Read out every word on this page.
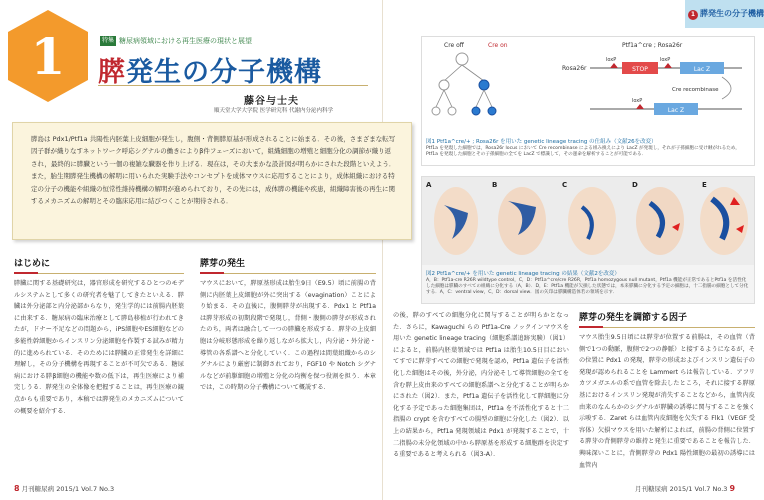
1	特集 糖尿病領域における再生医療の現状と展望
膵発生の分子機構
藤谷与士夫
順天堂大学大学院 医学研究科 代謝内分泌内科学
膵島は Pdx1/Ptf1a 共陽性内胚葉上皮細胞が発生し，腹側・背側膵原基が形成されることに始まる．その後，さまざまな転写因子群が織りなすネットワーク呼応シグナルの働きによりβ件フェーズにおいて，組織細胞の増殖と細胞分化の調節が織り返され，最終的に膵臓という一個の複雑な臓器を作り上げる．現在は，その大まかな設計図が明らかにされた段階といえよう．また，胎生期膵発生機構の解明に用いられた実験手法やコンセプトを成体マウスに応用することにより，成体組織における特定の分子の機能や組織の恒常性維持機構の解明が進められており，その先には，成体膵の機能や疾患，組織障害後の再生に関するメカニズムの解明とその臨床応用に結びつくことが期待される．
はじめに
膵臓に関する基礎研究は，器官形成を研究するひとつのモデルシステムとして多くの研究者を魅了してきたといえる．膵臓は外分泌部と内分泌部からなり，発生学的には前腸内胚葉に由来する．糖尿病の臨床治療として膵島移植が行われてきたが，ドナー不足などの問題から，iPS細胞やES細胞などの多能性幹細胞からインスリン分泌細胞を作製する試みが精力的に進められている．そのためには膵臓の正常発生を詳細に理解し，その分子機構を再現することが不可欠である．糖尿病における膵β細胞の機能や数の低下は，再生医療により補完しうる．膵発生の全体像を把握することは，再生医療の観点からも重要であり，本稿では膵発生のメカニズムについての概要を紹介する．
膵芽の発生
マウスにおいて，膵原基形成は胎生9日（E9.5）頃に前腸の背側に内胚葉上皮細胞が外に突出する（evagination）ことにより始まる．その直後に，腹側膵芽が出現する．Pdx1 と Ptf1a は膵芽形成の初期段階で発現し，背側・腹側の膵芽が形成されたのち，両者は融合して一つの膵臓を形成する．膵芽の上皮細胞は分岐形態形成を繰り返しながら拡大し，内分泌・外分泌・導管の各系譜へと分化していく．この過程は間葉組織からのシグナルにより厳密に制御されており，FGF10 や Notch シグナルなどが前駆細胞の増殖と分化の均衡を保つ役割を担う．本章では，この時期の分子機構について概説する．
8 月刊糖尿病 2015/1 Vol.7 No.3
1 膵発生の分子機構
Cre off	Cre on	Ptf1a^cre ; Rosa26r
Rosa26r
loxP
STOP
loxP
Lac Z
Cre recombinase
loxP
Lac Z
図1 Ptf1a^cre/+ ; Rosa26r を用いた genetic lineage tracing の仕組み（文献26を改変）
Ptf1a を発現した細胞では，Rosa26r locus において Cre recombinase による組み換えにより LacZ が発現し，それが子孫細胞に受け継がれるため，Ptf1a を発現した細胞とその子孫細胞の全てを LacZ で標識して，その運命を解析することが可能である．
A	B	C	D	E
図2 Ptf1a^cre/+ を用いた genetic lineage tracing の結果（文献2を改変）
A，B：Ptf1a-cre R26R wildtype control，C，D：Ptf1a^cre/cre R26R，Ptf1a homozygous null mutant，Ptf1a 機能が正常であるとPtf1a を活性化した細胞は膵臓のすべての組織に分化する（A，B）．D，E：Ptf1a 機能が欠損した状態では，本来膵臓に分化する予定の細胞は，十二指腸の細胞として分化する．A，C：ventral view，C，D：dorsal view．図の矢印は膵臓構造体若の領域を示す．
の後，膵のすべての細胞分化に関与することが明らかとなった．さらに，Kawaguchi らの Ptf1a-Cre ノックインマウスを用いた genetic lineage tracing（細胞系譜追跡実験）（図1）によると，前腸内胚葉領域では Ptf1a は胎生10.5日目においてすでに膵芽すべての細胞で発現を認め，Ptf1a 遺伝子を活性化した細胞はその後，外分泌，内分泌そして導管細胞の全てを含む膵上皮由来のすべての細胞系譜へと分化することが明らかにされた（図2）．また，Ptf1a 遺伝子を活性化して膵細胞に分化する予定であった細胞集団は，Ptf1a を不活性化すると十二指腸の crypt を含むすべての腸型の細胞に分化した（図2）．以上の結果から，Ptf1a 発現領域は Pdx1 が発現することで，十二指腸の未分化領域の中から膵原基を形成する細胞群を決定する重要であると考えられる（図3-A）．
膵芽の発生を調節する因子
マウス胎生9.5日頃には膵芽が位置する前腸は，その血管（背側で1つの動脈，腹側で2つの静脈）と接するようになるが，その位置に Pdx1 の発現，膵芽の形成およびインスリン遺伝子の発現が認められることを Lammert らは報告している．アフリカツメガエルの系で血管を除去したところ，それに接する膵原基におけるインスリン発現が消失することなどから，血管内皮由来のなんらかのシグナルが膵臓の誘導に関与することを強く示唆する．Zaret らは血管内皮細胞を欠失する Flk1（VEGF 受容体）欠損マウスを用いた解析によれば，前腸の背側に位置する膵芽の背側膵芽の維持と発生に重要であることを報告した．興味深いことに，背側膵芽の Pdx1 陽性細胞の最初の誘導には血管内
月刊糖尿病 2015/1 Vol.7 No.3 9
